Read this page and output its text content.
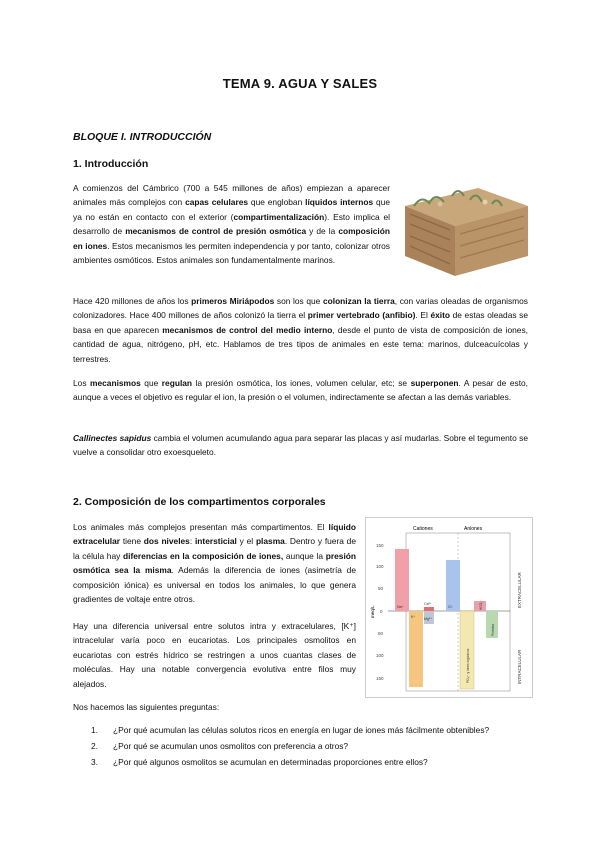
TEMA 9. AGUA Y SALES
BLOQUE I. INTRODUCCIÓN
1. Introducción
A comienzos del Cámbrico (700 a 545 millones de años) empiezan a aparecer animales más complejos con capas celulares que engloban líquidos internos que ya no están en contacto con el exterior (compartimentalización). Esto implica el desarrollo de mecanismos de control de presión osmótica y de la composición en iones. Estos mecanismos les permiten independencia y por tanto, colonizar otros ambientes osmóticos. Estos animales son fundamentalmente marinos.
Hace 420 millones de años los primeros Miriápodos son los que colonizan la tierra, con varias oleadas de organismos colonizadores. Hace 400 millones de años colonizó la tierra el primer vertebrado (anfibio). El éxito de estas oleadas se basa en que aparecen mecanismos de control del medio interno, desde el punto de vista de composición de iones, cantidad de agua, nitrógeno, pH, etc. Hablamos de tres tipos de animales en este tema: marinos, dulceacuícolas y terrestres.
Los mecanismos que regulan la presión osmótica, los iones, volumen celular, etc; se superponen. A pesar de esto, aunque a veces el objetivo es regular el ion, la presión o el volumen, indirectamente se afectan a las demás variables.
Callinectes sapidus cambia el volumen acumulando agua para separar las placas y así mudarlas. Sobre el tegumento se vuelve a consolidar otro exoesqueleto.
2. Composición de los compartimentos corporales
Los animales más complejos presentan más compartimentos. El líquido extracelular tiene dos niveles: intersticial y el plasma. Dentro y fuera de la célula hay diferencias en la composición de iones, aunque la presión osmótica sea la misma. Además la diferencia de iones (asimetría de composición iónica) es universal en todos los animales, lo que genera gradientes de voltaje entre otros.
Hay una diferencia universal entre solutos intra y extracelulares, [K⁺] intracelular varía poco en eucariotas. Los principales osmolitos en eucariotas con estrés hídrico se restringen a unos cuantas clases de moléculas. Hay una notable convergencia evolutiva entre filos muy alejados.
Cationes	Aniones
150
100
50
0
50
100
150
meq/L	Na⁺
K⁺
Ca²⁺
Mg²⁺
Cl⁻
PO₄³⁻ y iones orgánicos
HCO₃⁻
Proteína
EXTRACELULAR
INTRACELULAR
Nos hacemos las siguientes preguntas:
1. ¿Por qué acumulan las células solutos ricos en energía en lugar de iones más fácilmente obtenibles?
2. ¿Por qué se acumulan unos osmolitos con preferencia a otros?
3. ¿Por qué algunos osmolitos se acumulan en determinadas proporciones entre ellos?
